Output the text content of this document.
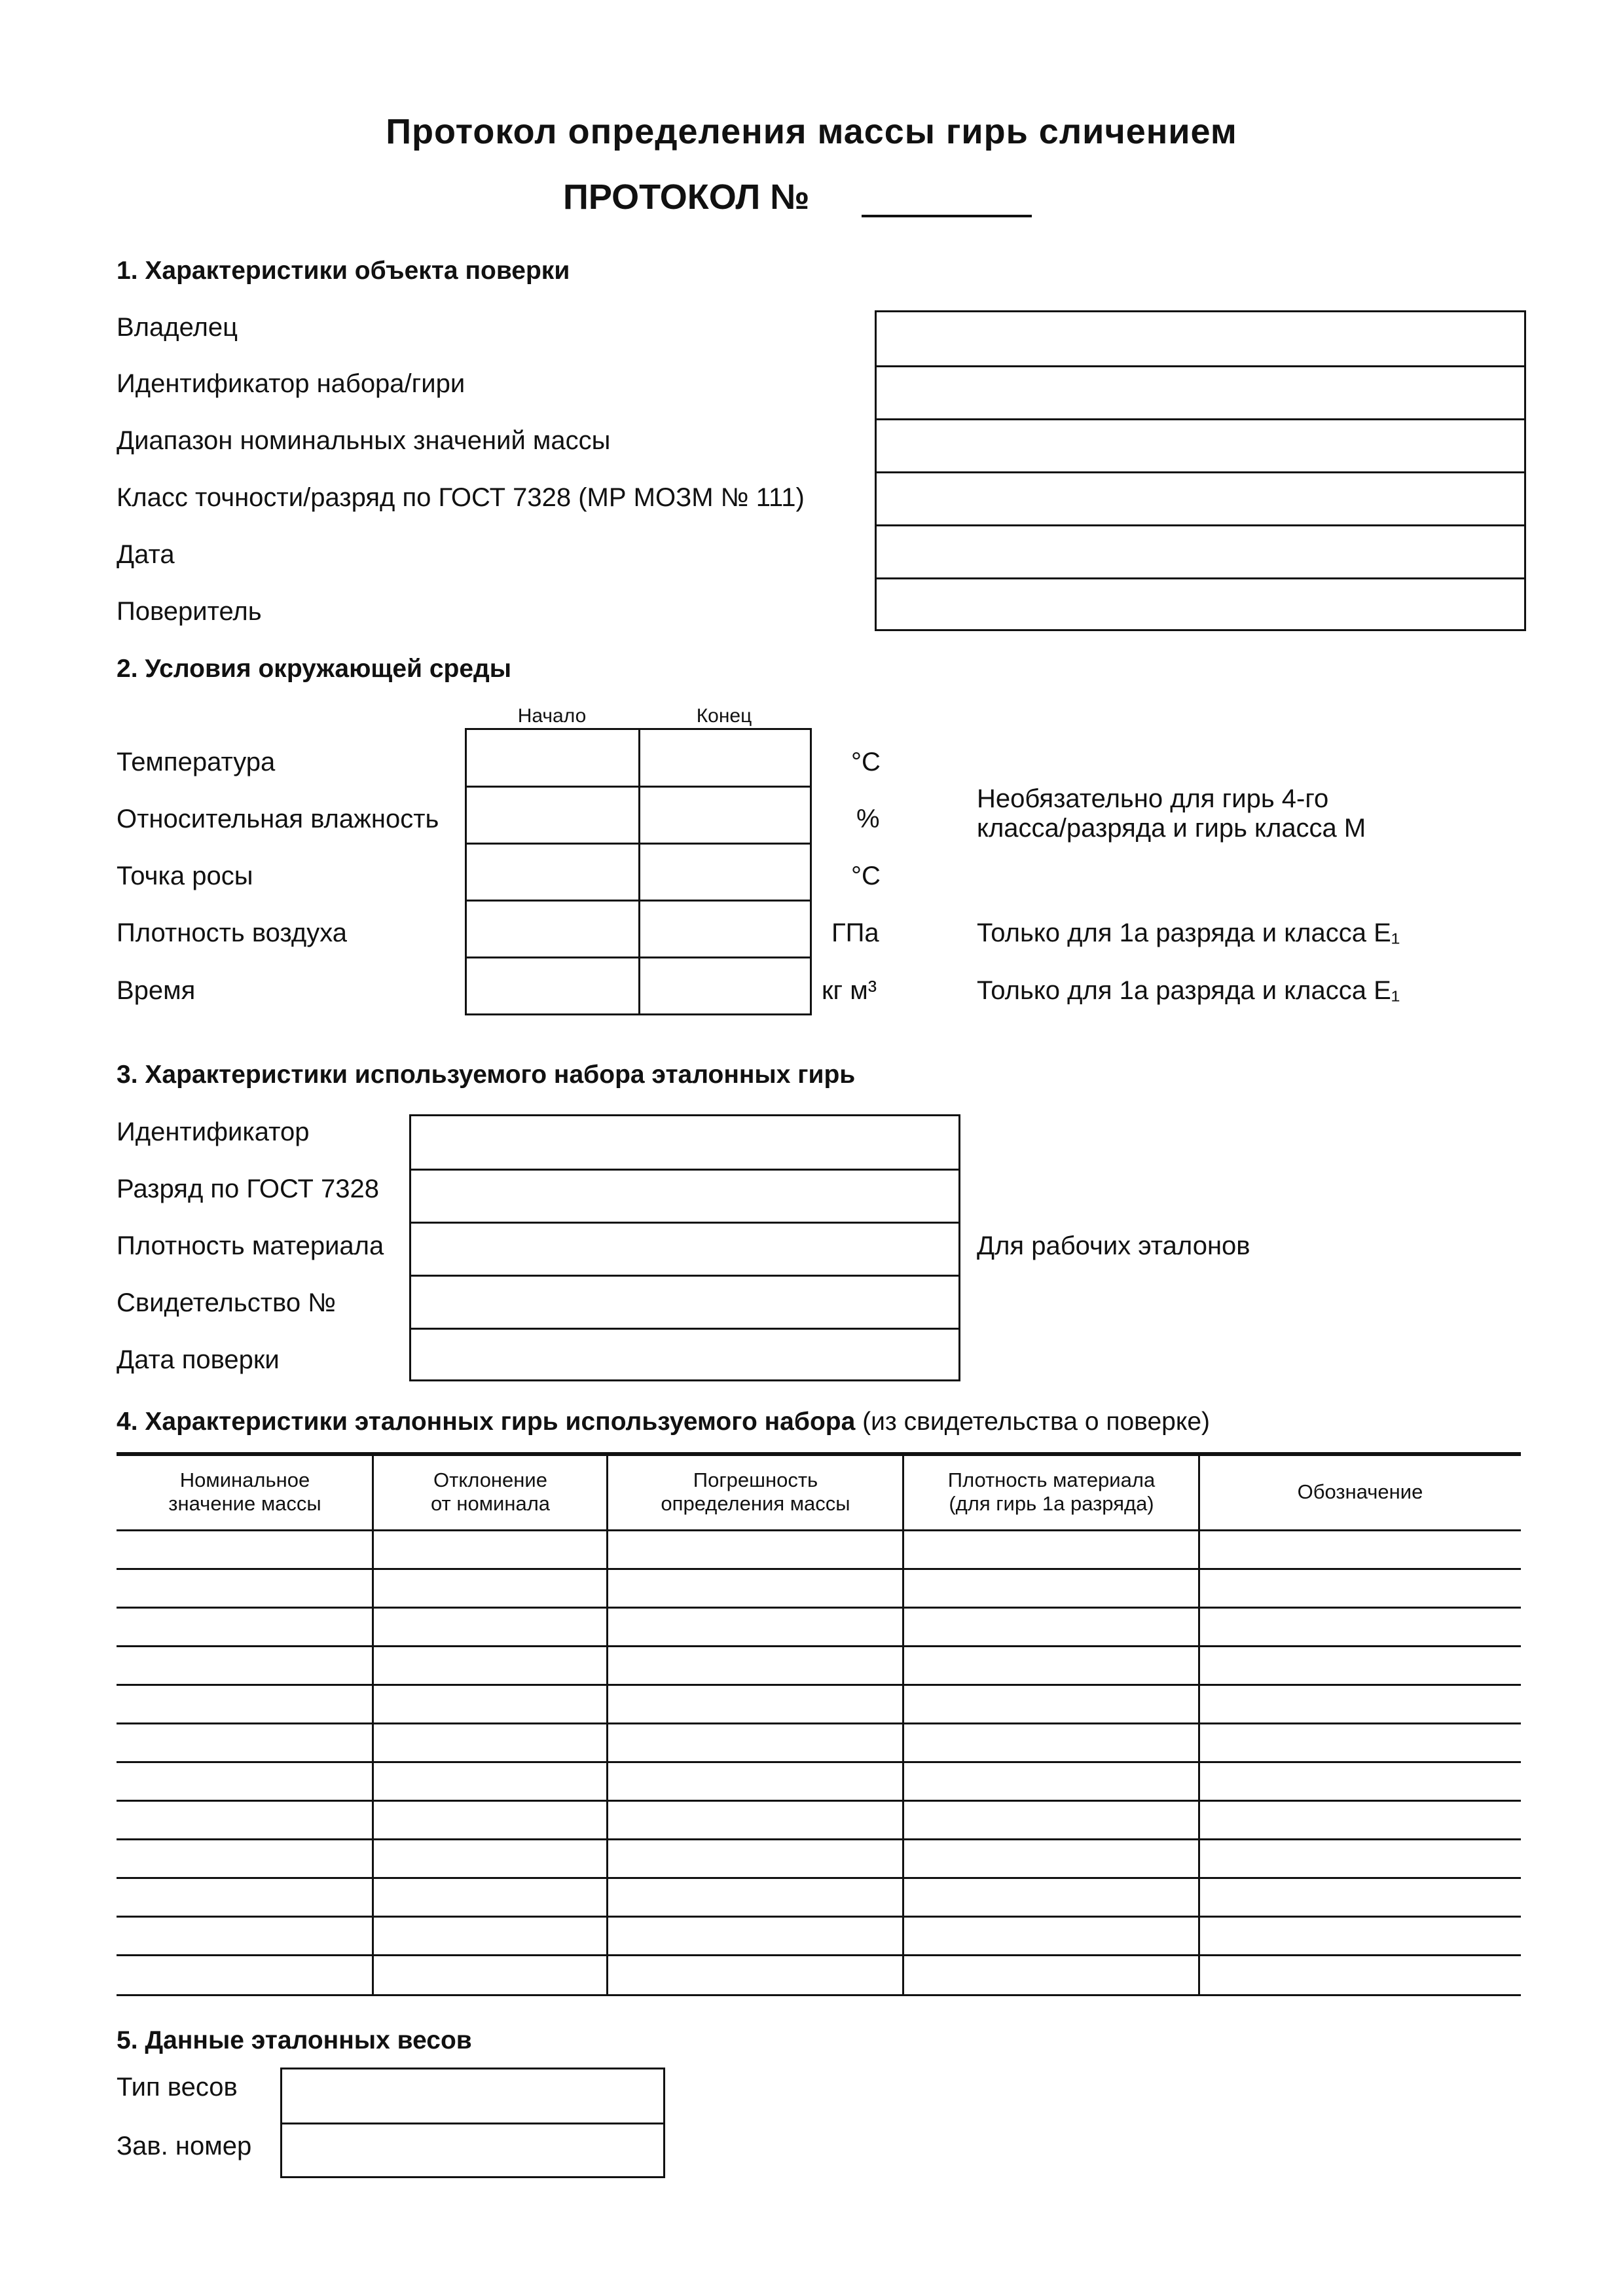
Протокол определения массы гирь сличением
ПРОТОКОЛ №
1. Характеристики объекта поверки
Владелец
Идентификатор набора/гири
Диапазон номинальных значений массы
Класс точности/разряд по ГОСТ 7328 (МР МОЗМ № 111)
Дата
Поверитель
2. Условия окружающей среды
Начало	Конец
Температура
Относительная влажность
Точка росы
Плотность воздуха
Время
°С
%
°С
ГПа
кг м³
Необязательно для гирь 4-го
класса/разряда и гирь класса М
Только для 1а разряда и класса E₁
Только для 1а разряда и класса E₁
3. Характеристики используемого набора эталонных гирь
Идентификатор
Разряд по ГОСТ 7328
Плотность материала
Свидетельство №
Дата поверки
Для рабочих эталонов
4. Характеристики эталонных гирь используемого набора (из свидетельства о поверке)
Номинальное
значение массы
Отклонение
от номинала
Погрешность
определения массы
Плотность материала
(для гирь 1а разряда)
Обозначение
5. Данные эталонных весов
Тип весов
Зав. номер
